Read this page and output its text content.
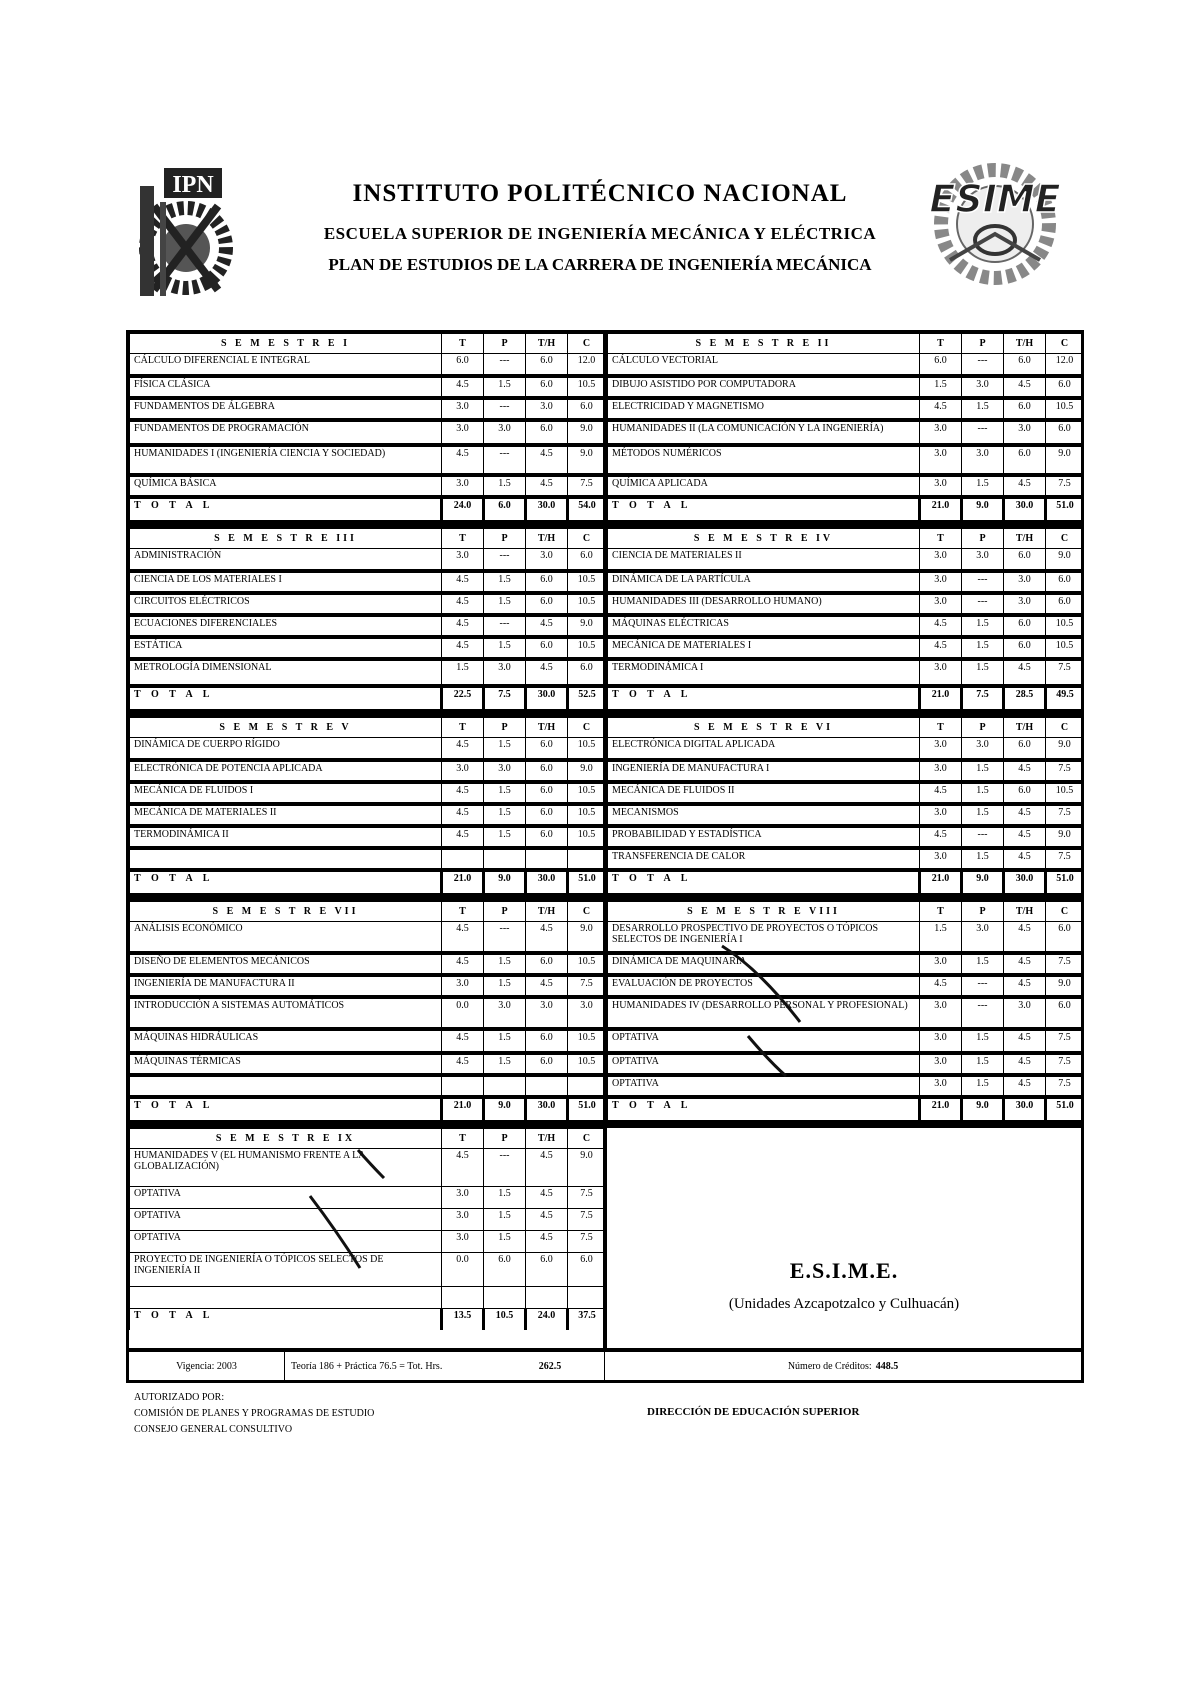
IPN	INSTITUTO POLITÉCNICO NACIONAL
ESCUELA SUPERIOR DE INGENIERÍA MECÁNICA Y ELÉCTRICA
PLAN DE ESTUDIOS DE LA CARRERA DE INGENIERÍA MECÁNICA
ESIME
S E M E S T R E I	T	P	T/H	C
CÁLCULO DIFERENCIAL E INTEGRAL	6.0	---	6.0	12.0
FÍSICA CLÁSICA	4.5	1.5	6.0	10.5
FUNDAMENTOS DE ÁLGEBRA	3.0	---	3.0	6.0
FUNDAMENTOS DE PROGRAMACIÓN	3.0	3.0	6.0	9.0
HUMANIDADES I (INGENIERÍA CIENCIA Y SOCIEDAD)	4.5	---	4.5	9.0
QUÍMICA BÁSICA	3.0	1.5	4.5	7.5
T O T A L	24.0	6.0	30.0	54.0

S E M E S T R E II	T	P	T/H	C
CÁLCULO VECTORIAL	6.0	---	6.0	12.0
DIBUJO ASISTIDO POR COMPUTADORA	1.5	3.0	4.5	6.0
ELECTRICIDAD Y MAGNETISMO	4.5	1.5	6.0	10.5
HUMANIDADES II (LA COMUNICACIÓN Y LA INGENIERÍA)	3.0	---	3.0	6.0
MÉTODOS NUMÉRICOS	3.0	3.0	6.0	9.0
QUÍMICA APLICADA	3.0	1.5	4.5	7.5
T O T A L	21.0	9.0	30.0	51.0

S E M E S T R E III	T	P	T/H	C
ADMINISTRACIÓN	3.0	---	3.0	6.0
CIENCIA DE LOS MATERIALES I	4.5	1.5	6.0	10.5
CIRCUITOS ELÉCTRICOS	4.5	1.5	6.0	10.5
ECUACIONES DIFERENCIALES	4.5	---	4.5	9.0
ESTÁTICA	4.5	1.5	6.0	10.5
METROLOGÍA DIMENSIONAL	1.5	3.0	4.5	6.0
T O T A L	22.5	7.5	30.0	52.5

S E M E S T R E IV	T	P	T/H	C
CIENCIA DE MATERIALES II	3.0	3.0	6.0	9.0
DINÁMICA DE LA PARTÍCULA	3.0	---	3.0	6.0
HUMANIDADES III (DESARROLLO HUMANO)	3.0	---	3.0	6.0
MÁQUINAS ELÉCTRICAS	4.5	1.5	6.0	10.5
MECÁNICA DE MATERIALES I	4.5	1.5	6.0	10.5
TERMODINÁMICA I	3.0	1.5	4.5	7.5
T O T A L	21.0	7.5	28.5	49.5

S E M E S T R E V	T	P	T/H	C
DINÁMICA DE CUERPO RÍGIDO	4.5	1.5	6.0	10.5
ELECTRÓNICA DE POTENCIA APLICADA	3.0	3.0	6.0	9.0
MECÁNICA DE FLUIDOS I	4.5	1.5	6.0	10.5
MECÁNICA DE MATERIALES II	4.5	1.5	6.0	10.5
TERMODINÁMICA II	4.5	1.5	6.0	10.5

T O T A L	21.0	9.0	30.0	51.0

S E M E S T R E VI	T	P	T/H	C
ELECTRÓNICA DIGITAL APLICADA	3.0	3.0	6.0	9.0
INGENIERÍA DE MANUFACTURA I	3.0	1.5	4.5	7.5
MECÁNICA DE FLUIDOS II	4.5	1.5	6.0	10.5
MECANISMOS	3.0	1.5	4.5	7.5
PROBABILIDAD Y ESTADÍSTICA	4.5	---	4.5	9.0
TRANSFERENCIA DE CALOR	3.0	1.5	4.5	7.5
T O T A L	21.0	9.0	30.0	51.0

S E M E S T R E VII	T	P	T/H	C
ANÁLISIS ECONÓMICO	4.5	---	4.5	9.0
DISEÑO DE ELEMENTOS MECÁNICOS	4.5	1.5	6.0	10.5
INGENIERÍA DE MANUFACTURA II	3.0	1.5	4.5	7.5
INTRODUCCIÓN A SISTEMAS AUTOMÁTICOS	0.0	3.0	3.0	3.0
MÁQUINAS HIDRÁULICAS	4.5	1.5	6.0	10.5
MÁQUINAS TÉRMICAS	4.5	1.5	6.0	10.5

T O T A L	21.0	9.0	30.0	51.0

S E M E S T R E VIII	T	P	T/H	C
DESARROLLO PROSPECTIVO DE PROYECTOS O TÓPICOS SELECTOS DE INGENIERÍA I	1.5	3.0	4.5	6.0
DINÁMICA DE MAQUINARIA	3.0	1.5	4.5	7.5
EVALUACIÓN DE PROYECTOS	4.5	---	4.5	9.0
HUMANIDADES IV (DESARROLLO PERSONAL Y PROFESIONAL)	3.0	---	3.0	6.0
OPTATIVA	3.0	1.5	4.5	7.5
OPTATIVA	3.0	1.5	4.5	7.5
OPTATIVA	3.0	1.5	4.5	7.5
T O T A L	21.0	9.0	30.0	51.0

S E M E S T R E IX	T	P	T/H	C
HUMANIDADES V (EL HUMANISMO FRENTE A LA GLOBALIZACIÓN)	4.5	---	4.5	9.0
OPTATIVA	3.0	1.5	4.5	7.5
OPTATIVA	3.0	1.5	4.5	7.5
OPTATIVA	3.0	1.5	4.5	7.5
PROYECTO DE INGENIERÍA O TÓPICOS SELECTOS DE INGENIERÍA II	0.0	6.0	6.0	6.0

T O T A L	13.5	10.5	24.0	37.5

E.S.I.M.E.
(Unidades Azcapotzalco y Culhuacán)
Vigencia: 2003	Teoría 186 + Práctica 76.5 = Tot. Hrs.	262.5	Número de Créditos: 448.5
AUTORIZADO POR:
COMISIÓN DE PLANES Y PROGRAMAS DE ESTUDIO
CONSEJO GENERAL CONSULTIVO
DIRECCIÓN DE EDUCACIÓN SUPERIOR
